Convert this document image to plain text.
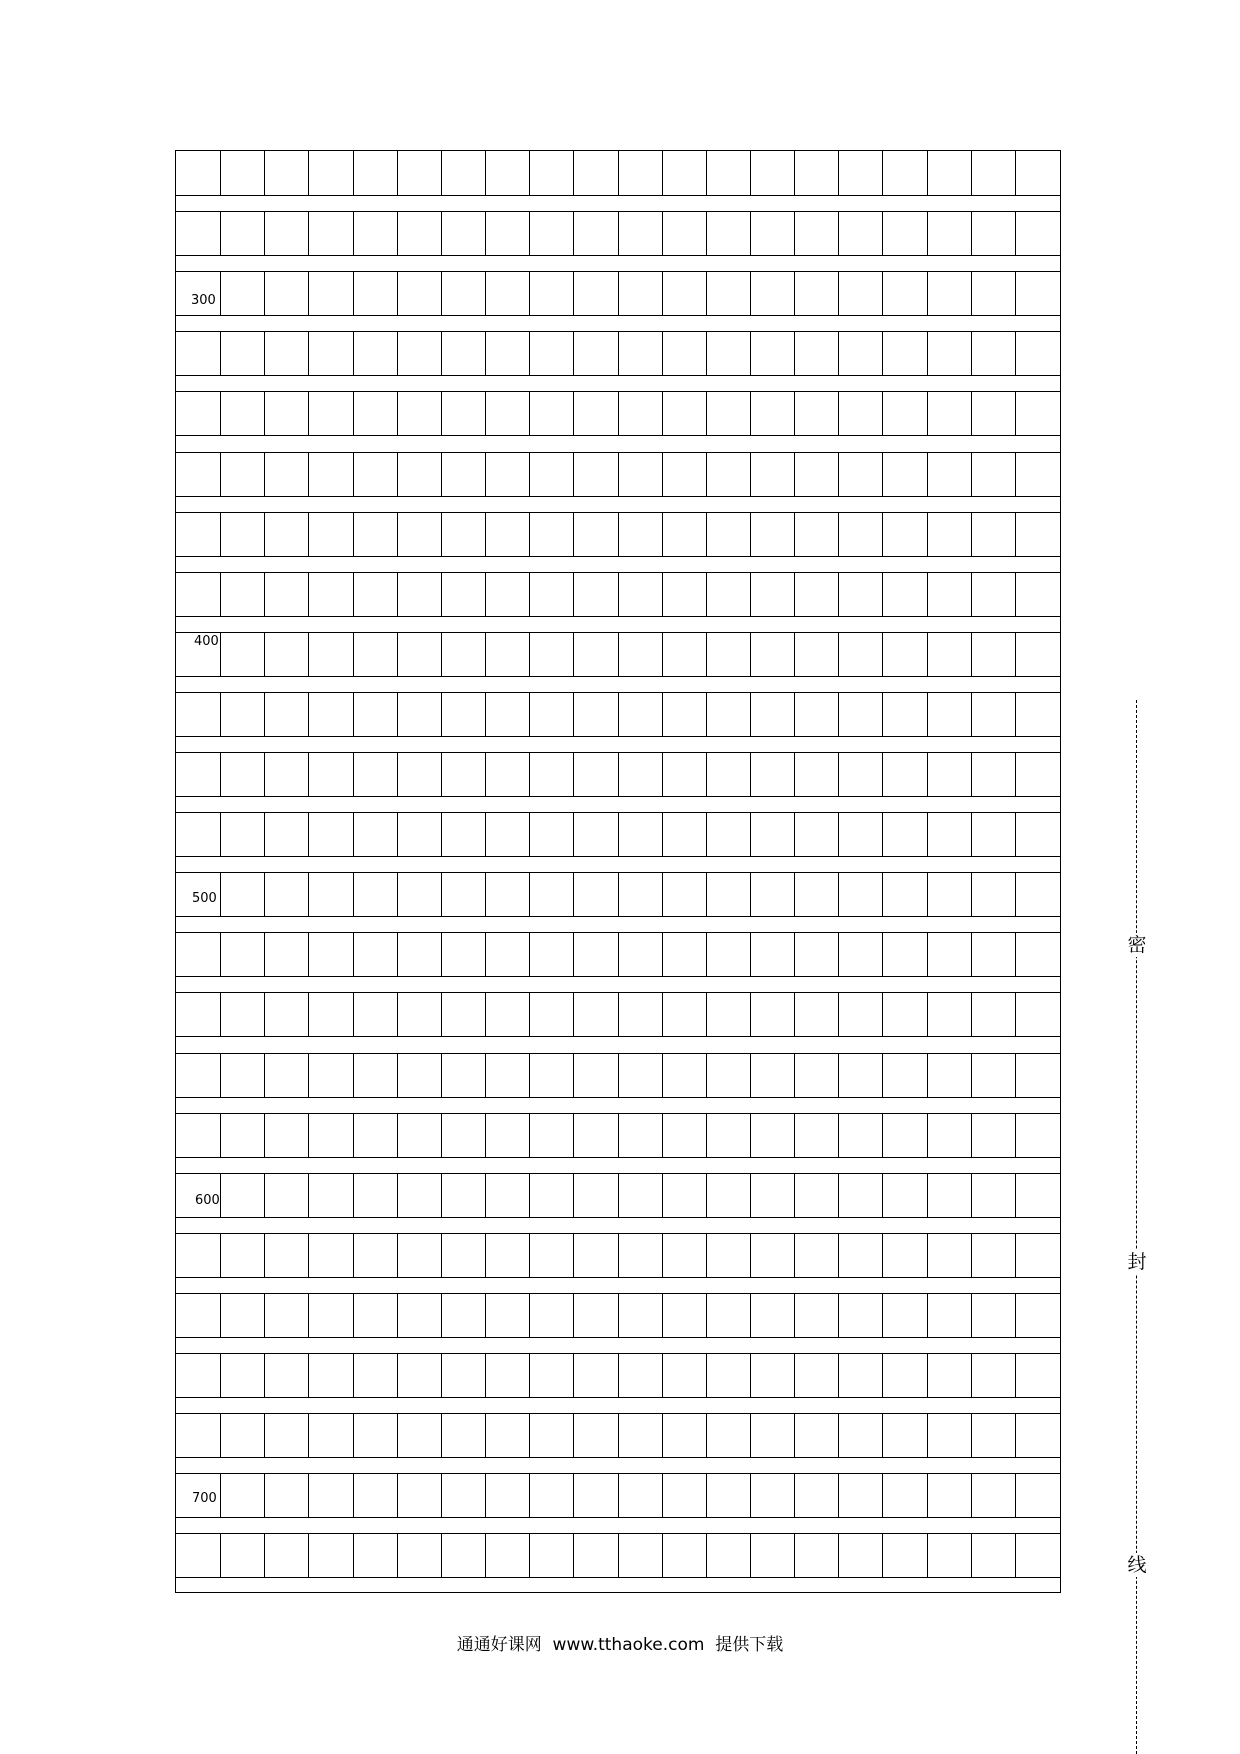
300
400
500
600
700
密
封
线
通通好课网  www.tthaoke.com  提供下载
